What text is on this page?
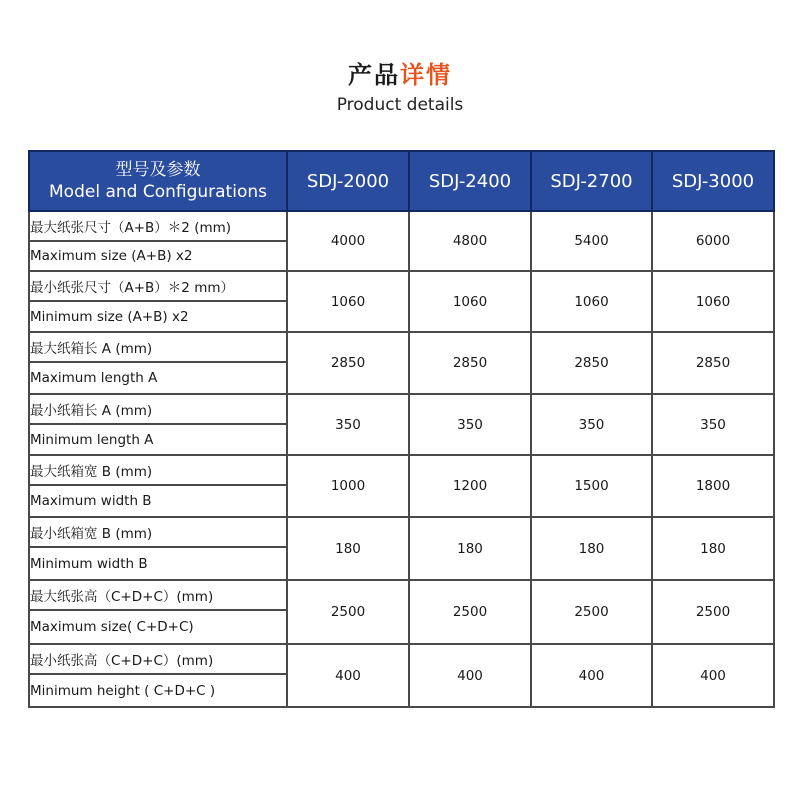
产品详情
Product details
型号及参数
Model and Configurations	SDJ-2000	SDJ-2400	SDJ-2700	SDJ-3000
最大纸张尺寸（A+B）＊2 (mm)	4000	4800	5400	6000
Maximum size (A+B) x2				
最小纸张尺寸（A+B）＊2 mm）	1060	1060	1060	1060
Minimum size (A+B) x2				
最大纸箱长 A (mm)	2850	2850	2850	2850
Maximum length A				
最小纸箱长 A (mm)	350	350	350	350
Minimum length A				
最大纸箱宽 B (mm)	1000	1200	1500	1800
Maximum width B				
最小纸箱宽 B (mm)	180	180	180	180
Minimum width B				
最大纸张高（C+D+C）(mm)	2500	2500	2500	2500
Maximum size( C+D+C)				
最小纸张高（C+D+C）(mm)	400	400	400	400
Minimum height ( C+D+C )				
